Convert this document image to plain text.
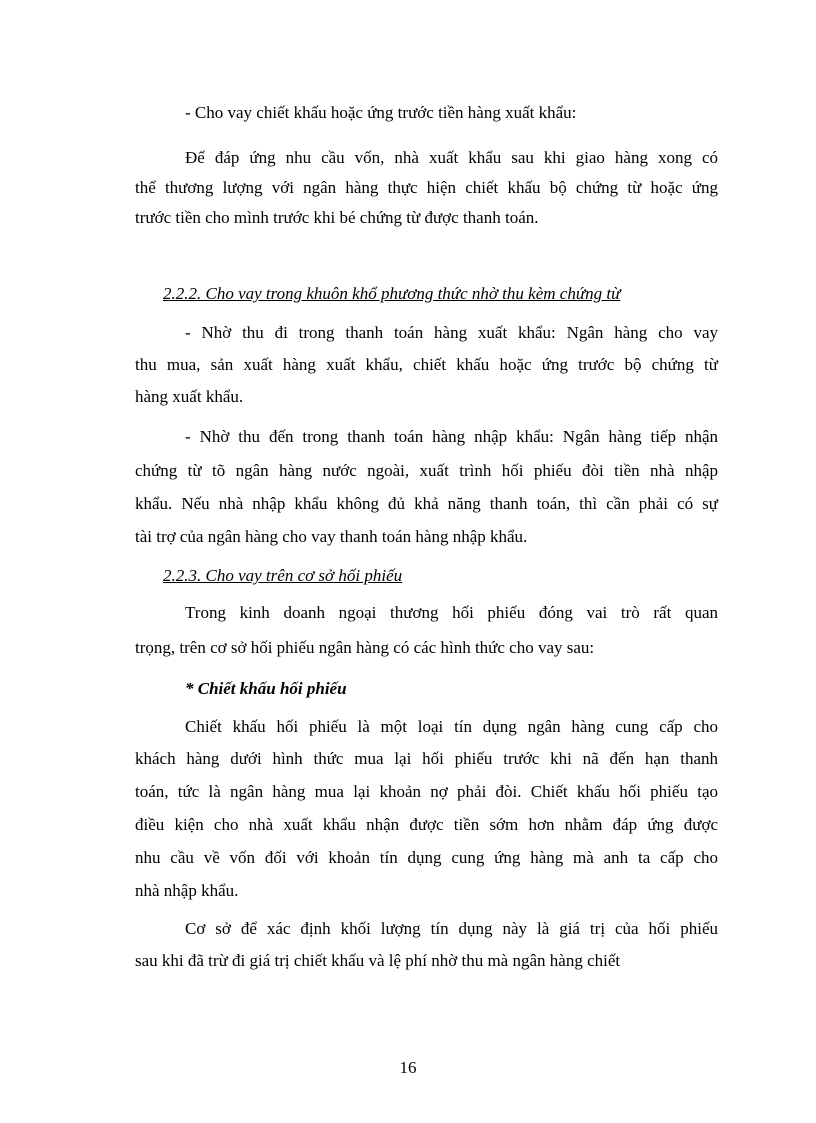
- Cho vay chiết khấu hoặc ứng trước tiền hàng xuất khẩu:
Để đáp ứng nhu cầu vốn, nhà xuất khẩu sau khi giao hàng xong có
thể thương lượng với ngân hàng thực hiện chiết khấu bộ chứng từ hoặc ứng
trước tiền cho mình trước khi bé chứng từ được thanh toán.
2.2.2. Cho vay trong khuôn khổ phương thức nhờ thu kèm chứng từ
- Nhờ thu đi trong thanh toán hàng xuất khẩu: Ngân hàng cho vay
thu mua, sản xuất hàng xuất khẩu, chiết khấu hoặc ứng trước bộ chứng từ
hàng xuất khẩu.
- Nhờ thu đến trong thanh toán hàng nhập khẩu: Ngân hàng tiếp nhận
chứng từ tõ ngân hàng nước ngoài, xuất trình hối phiếu đòi tiền nhà nhập
khẩu. Nếu nhà nhập khẩu không đủ khả năng thanh toán, thì cần phải có sự
tài trợ của ngân hàng cho vay thanh toán hàng nhập khẩu.
2.2.3. Cho vay trên cơ sở hối phiếu
Trong kinh doanh ngoại thương hối phiếu đóng vai trò rất quan
trọng, trên cơ sở hối phiếu ngân hàng có các hình thức cho vay sau:
* Chiết khấu hối phiếu
Chiết khấu hối phiếu là một loại tín dụng ngân hàng cung cấp cho
khách hàng dưới hình thức mua lại hối phiếu trước khi nã đến hạn thanh
toán, tức là ngân hàng mua lại khoản nợ phải đòi. Chiết khấu hối phiếu tạo
điều kiện cho nhà xuất khẩu nhận được tiền sớm hơn nhằm đáp ứng được
nhu cầu về vốn đối với khoản tín dụng cung ứng hàng mà anh ta cấp cho
nhà nhập khẩu.
Cơ sở để xác định khối lượng tín dụng này là giá trị của hối phiếu
sau khi đã trừ đi giá trị chiết khấu và lệ phí nhờ thu mà ngân hàng chiết
16
